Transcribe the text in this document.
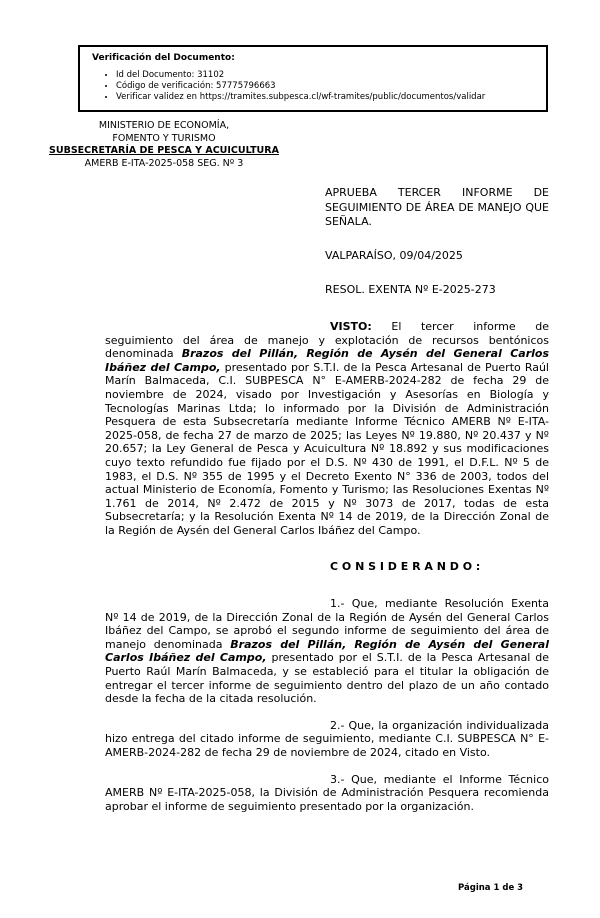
Verificación del Documento:
• Id del Documento: 31102
• Código de verificación: 57775796663
• Verificar validez en https://tramites.subpesca.cl/wf-tramites/public/documentos/validar
MINISTERIO DE ECONOMÍA,
FOMENTO Y TURISMO
SUBSECRETARÍA DE PESCA Y ACUICULTURA
AMERB E-ITA-2025-058 SEG. Nº 3
APRUEBA TERCER INFORME DE SEGUIMIENTO DE ÁREA DE MANEJO QUE SEÑALA.
VALPARAÍSO, 09/04/2025
RESOL. EXENTA Nº E-2025-273

VISTO: El tercer informe de seguimiento del área de manejo y explotación de recursos bentónicos denominada Brazos del Pillán, Región de Aysén del General Carlos Ibáñez del Campo, presentado por S.T.I. de la Pesca Artesanal de Puerto Raúl Marín Balmaceda, C.I. SUBPESCA N° E-AMERB-2024-282 de fecha 29 de noviembre de 2024, visado por Investigación y Asesorías en Biología y Tecnologías Marinas Ltda; lo informado por la División de Administración Pesquera de esta Subsecretaría mediante Informe Técnico AMERB Nº E-ITA-2025-058, de fecha 27 de marzo de 2025; las Leyes Nº 19.880, Nº 20.437 y Nº 20.657; la Ley General de Pesca y Acuicultura Nº 18.892 y sus modificaciones cuyo texto refundido fue fijado por el D.S. Nº 430 de 1991, el D.F.L. Nº 5 de 1983, el D.S. Nº 355 de 1995 y el Decreto Exento N° 336 de 2003, todos del actual Ministerio de Economía, Fomento y Turismo; las Resoluciones Exentas Nº 1.761 de 2014, Nº 2.472 de 2015 y Nº 3073 de 2017, todas de esta Subsecretaría; y la Resolución Exenta Nº 14 de 2019, de la Dirección Zonal de la Región de Aysén del General Carlos Ibáñez del Campo.

C O N S I D E R A N D O :

1.- Que, mediante Resolución Exenta Nº 14 de 2019, de la Dirección Zonal de la Región de Aysén del General Carlos Ibáñez del Campo, se aprobó el segundo informe de seguimiento del área de manejo denominada Brazos del Pillán, Región de Aysén del General Carlos Ibáñez del Campo, presentado por el S.T.I. de la Pesca Artesanal de Puerto Raúl Marín Balmaceda, y se estableció para el titular la obligación de entregar el tercer informe de seguimiento dentro del plazo de un año contado desde la fecha de la citada resolución.

2.- Que, la organización individualizada hizo entrega del citado informe de seguimiento, mediante C.I. SUBPESCA N° E-AMERB-2024-282 de fecha 29 de noviembre de 2024, citado en Visto.

3.- Que, mediante el Informe Técnico AMERB Nº E-ITA-2025-058, la División de Administración Pesquera recomienda aprobar el informe de seguimiento presentado por la organización.

Página 1 de 3
